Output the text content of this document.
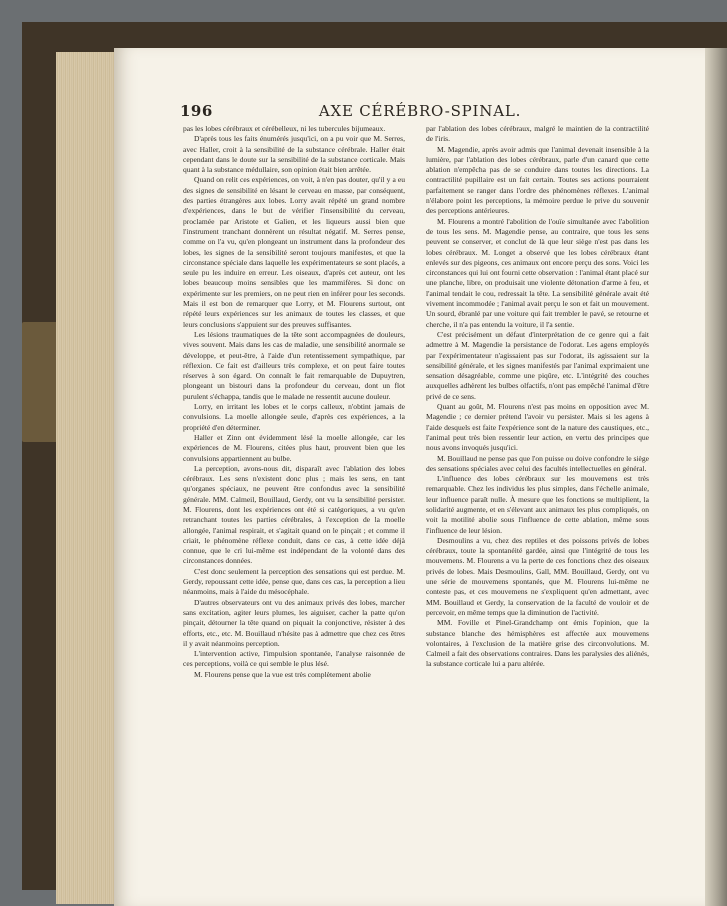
196	AXE CÉRÉBRO-SPINAL.

pas les lobes cérébraux et cérébelleux, ni les tubercules bijumeaux.

D'après tous les faits énumérés jusqu'ici, on a pu voir que M. Serres, avec Haller, croit à la sensibilité de la substance cérébrale. Haller était cependant dans le doute sur la sensibilité de la substance corticale. Mais quant à la substance médullaire, son opinion était bien arrêtée.

Quand on relit ces expériences, on voit, à n'en pas douter, qu'il y a eu des signes de sensibilité en lésant le cerveau en masse, par conséquent, des parties étrangères aux lobes. Lorry avait répété un grand nombre d'expériences, dans le but de vérifier l'insensibilité du cerveau, proclamée par Aristote et Galien, et les liqueurs aussi bien que l'instrument tranchant donnèrent un résultat négatif. M. Serres pense, comme on l'a vu, qu'en plongeant un instrument dans la profondeur des lobes, les signes de la sensibilité seront toujours manifestes, et que la circonstance spéciale dans laquelle les expérimentateurs se sont placés, a seule pu les induire en erreur. Les oiseaux, d'après cet auteur, ont les lobes beaucoup moins sensibles que les mammifères. Si donc on expérimente sur les premiers, on ne peut rien en inférer pour les seconds. Mais il est bon de remarquer que Lorry, et M. Flourens surtout, ont répété leurs expériences sur les animaux de toutes les classes, et que leurs conclusions s'appuient sur des preuves suffisantes.

Les lésions traumatiques de la tête sont accompagnées de douleurs, vives souvent. Mais dans les cas de maladie, une sensibilité anormale se développe, et peut-être, à l'aide d'un retentissement sympathique, par réflexion. Ce fait est d'ailleurs très complexe, et on peut faire toutes réserves à son égard. On connaît le fait remarquable de Dupuytren, plongeant un bistouri dans la profondeur du cerveau, dont un flot purulent s'échappa, tandis que le malade ne ressentit aucune douleur.

Lorry, en irritant les lobes et le corps calleux, n'obtint jamais de convulsions. La moelle allongée seule, d'après ces expériences, a la propriété d'en déterminer.

Haller et Zinn ont évidemment lésé la moelle allongée, car les expériences de M. Flourens, citées plus haut, prouvent bien que les convulsions appartiennent au bulbe.

La perception, avons-nous dit, disparaît avec l'ablation des lobes cérébraux. Les sens n'existent donc plus ; mais les sens, en tant qu'organes spéciaux, ne peuvent être confondus avec la sensibilité générale. MM. Calmeil, Bouillaud, Gerdy, ont vu la sensibilité persister. M. Flourens, dont les expériences ont été si catégoriques, a vu qu'en retranchant toutes les parties cérébrales, à l'exception de la moelle allongée, l'animal respirait, et s'agitait quand on le pinçait ; et comme il criait, le phénomène réflexe conduit, dans ce cas, à cette idée déjà connue, que le cri lui-même est indépendant de la volonté dans des circonstances données.

C'est donc seulement la perception des sensations qui est perdue. M. Gerdy, repoussant cette idée, pense que, dans ces cas, la perception a lieu néanmoins, mais à l'aide du mésocéphale.

D'autres observateurs ont vu des animaux privés des lobes, marcher sans excitation, agiter leurs plumes, les aiguiser, cacher la patte qu'on pinçait, détourner la tête quand on piquait la conjonctive, résister à des efforts, etc., etc. M. Bouillaud n'hésite pas à admettre que chez ces êtres il y avait néanmoins perception.

L'intervention active, l'impulsion spontanée, l'analyse raisonnée de ces perceptions, voilà ce qui semble le plus lésé.

M. Flourens pense que la vue est très complètement abolie

par l'ablation des lobes cérébraux, malgré le maintien de la contractilité de l'iris.

M. Magendie, après avoir admis que l'animal devenait insensible à la lumière, par l'ablation des lobes cérébraux, parle d'un canard que cette ablation n'empêcha pas de se conduire dans toutes les directions. La contractilité pupillaire est un fait certain. Toutes ses actions pourraient parfaitement se ranger dans l'ordre des phénomènes réflexes. L'animal n'élabore point les perceptions, la mémoire perdue le prive du souvenir des perceptions antérieures.

M. Flourens a montré l'abolition de l'ouïe simultanée avec l'abolition de tous les sens. M. Magendie pense, au contraire, que tous les sens peuvent se conserver, et conclut de là que leur siège n'est pas dans les lobes cérébraux. M. Longet a observé que les lobes cérébraux étant enlevés sur des pigeons, ces animaux ont encore perçu des sons. Voici les circonstances qui lui ont fourni cette observation : l'animal étant placé sur une planche, libre, on produisait une violente détonation d'arme à feu, et l'animal tendait le cou, redressait la tête. La sensibilité générale avait été vivement incommodée ; l'animal avait perçu le son et fait un mouvement. Un sourd, ébranlé par une voiture qui fait trembler le pavé, se retourne et cherche, il n'a pas entendu la voiture, il l'a sentie.

C'est précisément un défaut d'interprétation de ce genre qui a fait admettre à M. Magendie la persistance de l'odorat. Les agens employés par l'expérimentateur n'agissaient pas sur l'odorat, ils agissaient sur la sensibilité générale, et les signes manifestés par l'animal exprimaient une sensation désagréable, comme une piqûre, etc. L'intégrité des couches auxquelles adhèrent les bulbes olfactifs, n'ont pas empêché l'animal d'être privé de ce sens.

Quant au goût, M. Flourens n'est pas moins en opposition avec M. Magendie ; ce dernier prétend l'avoir vu persister. Mais si les agens à l'aide desquels est faite l'expérience sont de la nature des caustiques, etc., l'animal peut très bien ressentir leur action, en vertu des principes que nous avons invoqués jusqu'ici.

M. Bouillaud ne pense pas que l'on puisse ou doive confondre le siège des sensations spéciales avec celui des facultés intellectuelles en général.

L'influence des lobes cérébraux sur les mouvemens est très remarquable. Chez les individus les plus simples, dans l'échelle animale, leur influence paraît nulle. À mesure que les fonctions se multiplient, la solidarité augmente, et en s'élevant aux animaux les plus compliqués, on voit la motilité abolie sous l'influence de cette ablation, même sous l'influence de leur lésion.

Desmoulins a vu, chez des reptiles et des poissons privés de lobes cérébraux, toute la spontanéité gardée, ainsi que l'intégrité de tous les mouvemens. M. Flourens a vu la perte de ces fonctions chez des oiseaux privés de lobes. Mais Desmoulins, Gall, MM. Bouillaud, Gerdy, ont vu une série de mouvemens spontanés, que M. Flourens lui-même ne conteste pas, et ces mouvemens ne s'expliquent qu'en admettant, avec MM. Bouillaud et Gerdy, la conservation de la faculté de vouloir et de percevoir, en même temps que la diminution de l'activité.

MM. Foville et Pinel-Grandchamp ont émis l'opinion, que la substance blanche des hémisphères est affectée aux mouvemens volontaires, à l'exclusion de la matière grise des circonvolutions. M. Calmeil a fait des observations contraires. Dans les paralysies des aliénés, la substance corticale lui a paru altérée.
